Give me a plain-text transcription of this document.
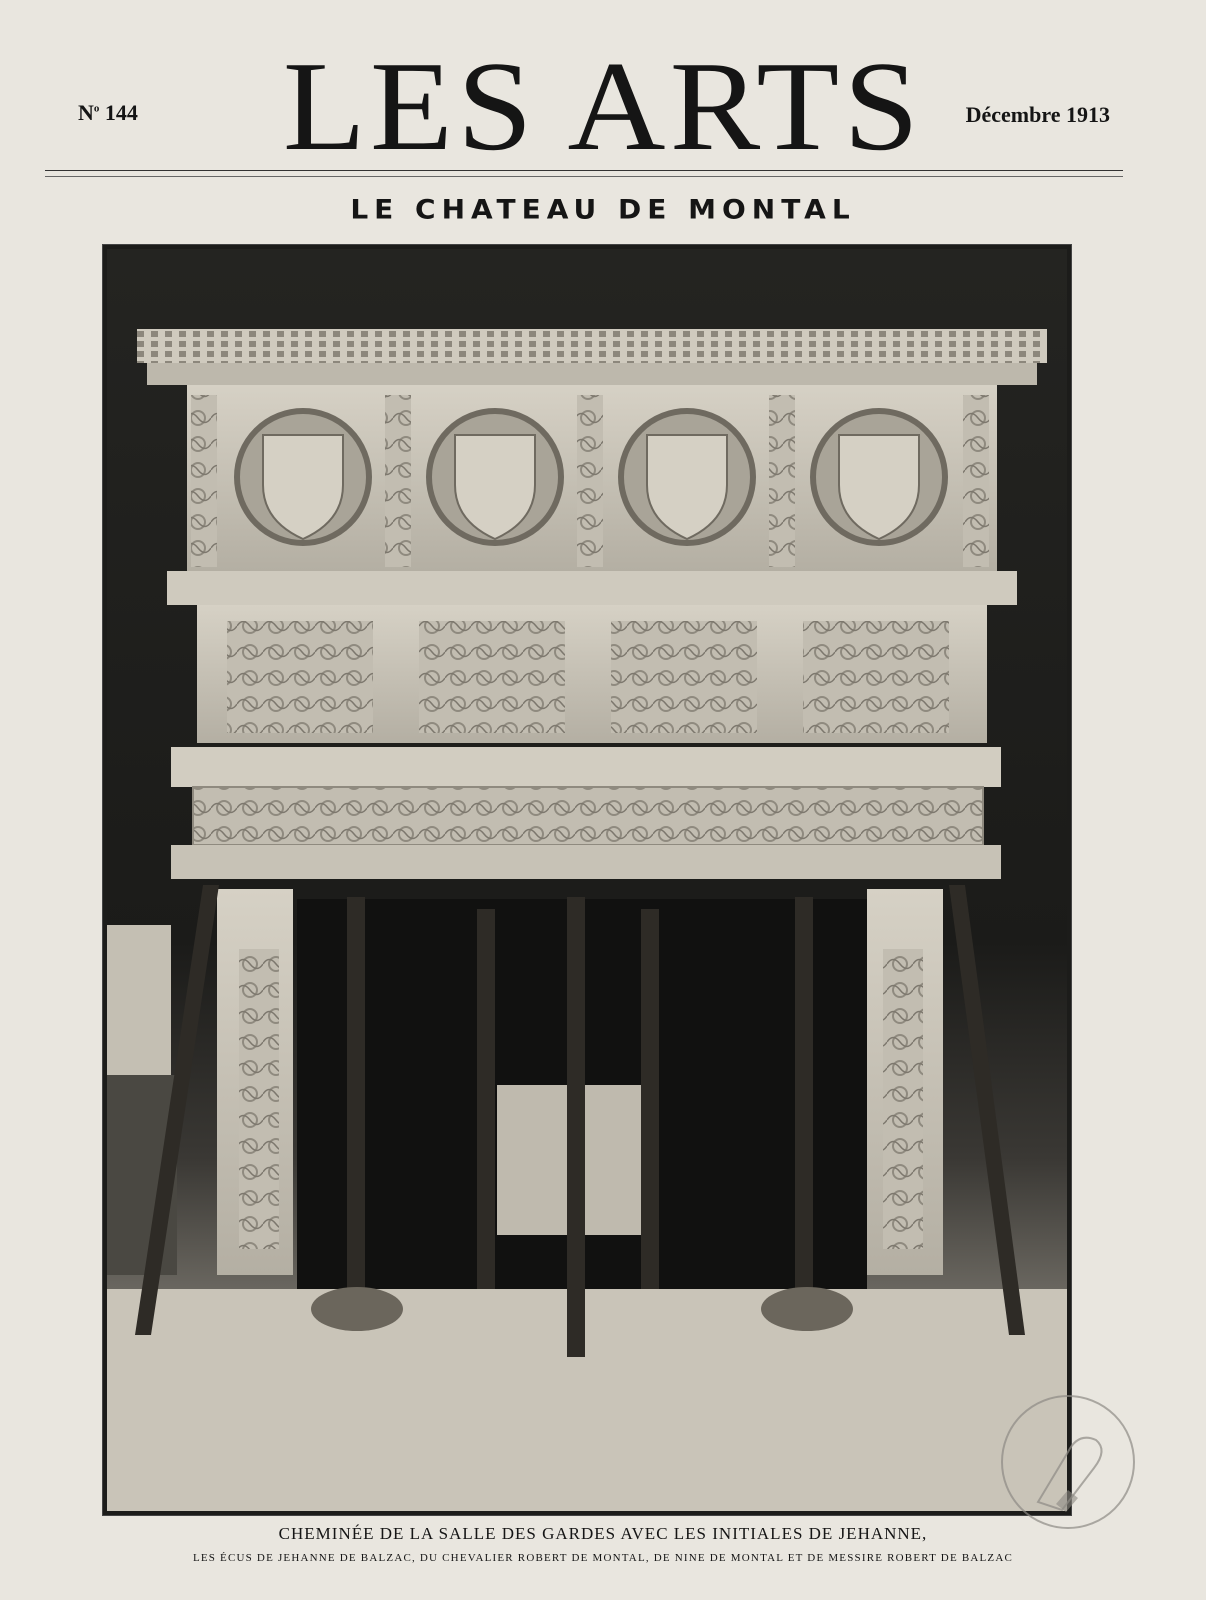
$N^o$ 144	LES ARTS	Décembre 1913
LE CHATEAU DE MONTAL
CHEMINÉE DE LA SALLE DES GARDES AVEC LES INITIALES DE JEHANNE,
LES ÉCUS DE JEHANNE DE BALZAC, DU CHEVALIER ROBERT DE MONTAL, DE NINE DE MONTAL ET DE MESSIRE ROBERT DE BALZAC
